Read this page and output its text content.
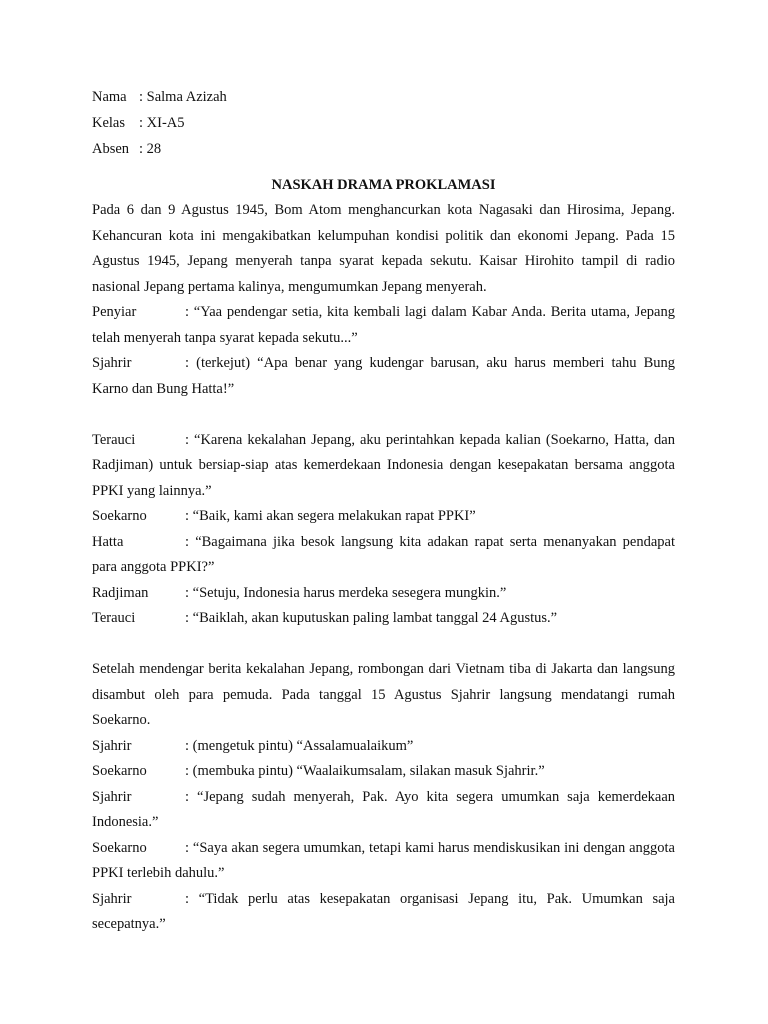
Nama : Salma Azizah
Kelas : XI-A5
Absen : 28
NASKAH DRAMA PROKLAMASI
Pada 6 dan 9 Agustus 1945, Bom Atom menghancurkan kota Nagasaki dan Hirosima, Jepang. Kehancuran kota ini mengakibatkan kelumpuhan kondisi politik dan ekonomi Jepang. Pada 15 Agustus 1945, Jepang menyerah tanpa syarat kepada sekutu. Kaisar Hirohito tampil di radio nasional Jepang pertama kalinya, mengumumkan Jepang menyerah.
Penyiar	: “Yaa pendengar setia, kita kembali lagi dalam Kabar Anda. Berita utama, Jepang telah menyerah tanpa syarat kepada sekutu...”
Sjahrir	: (terkejut) “Apa benar yang kudengar barusan, aku harus memberi tahu Bung Karno dan Bung Hatta!”
Terauci	: “Karena kekalahan Jepang, aku perintahkan kepada kalian (Soekarno, Hatta, dan Radjiman) untuk bersiap-siap atas kemerdekaan Indonesia dengan kesepakatan bersama anggota PPKI yang lainnya.”
Soekarno	: “Baik, kami akan segera melakukan rapat PPKI”
Hatta	: “Bagaimana jika besok langsung kita adakan rapat serta menanyakan pendapat para anggota PPKI?”
Radjiman	: “Setuju, Indonesia harus merdeka sesegera mungkin.”
Terauci	: “Baiklah, akan kuputuskan paling lambat tanggal 24 Agustus.”
Setelah mendengar berita kekalahan Jepang, rombongan dari Vietnam tiba di Jakarta dan langsung disambut oleh para pemuda. Pada tanggal 15 Agustus Sjahrir langsung mendatangi rumah Soekarno.
Sjahrir	: (mengetuk pintu) “Assalamualaikum”
Soekarno	: (membuka pintu) “Waalaikumsalam, silakan masuk Sjahrir.”
Sjahrir	: “Jepang sudah menyerah, Pak. Ayo kita segera umumkan saja kemerdekaan Indonesia.”
Soekarno	: “Saya akan segera umumkan, tetapi kami harus mendiskusikan ini dengan anggota PPKI terlebih dahulu.”
Sjahrir	: “Tidak perlu atas kesepakatan organisasi Jepang itu, Pak. Umumkan saja secepatnya.”
